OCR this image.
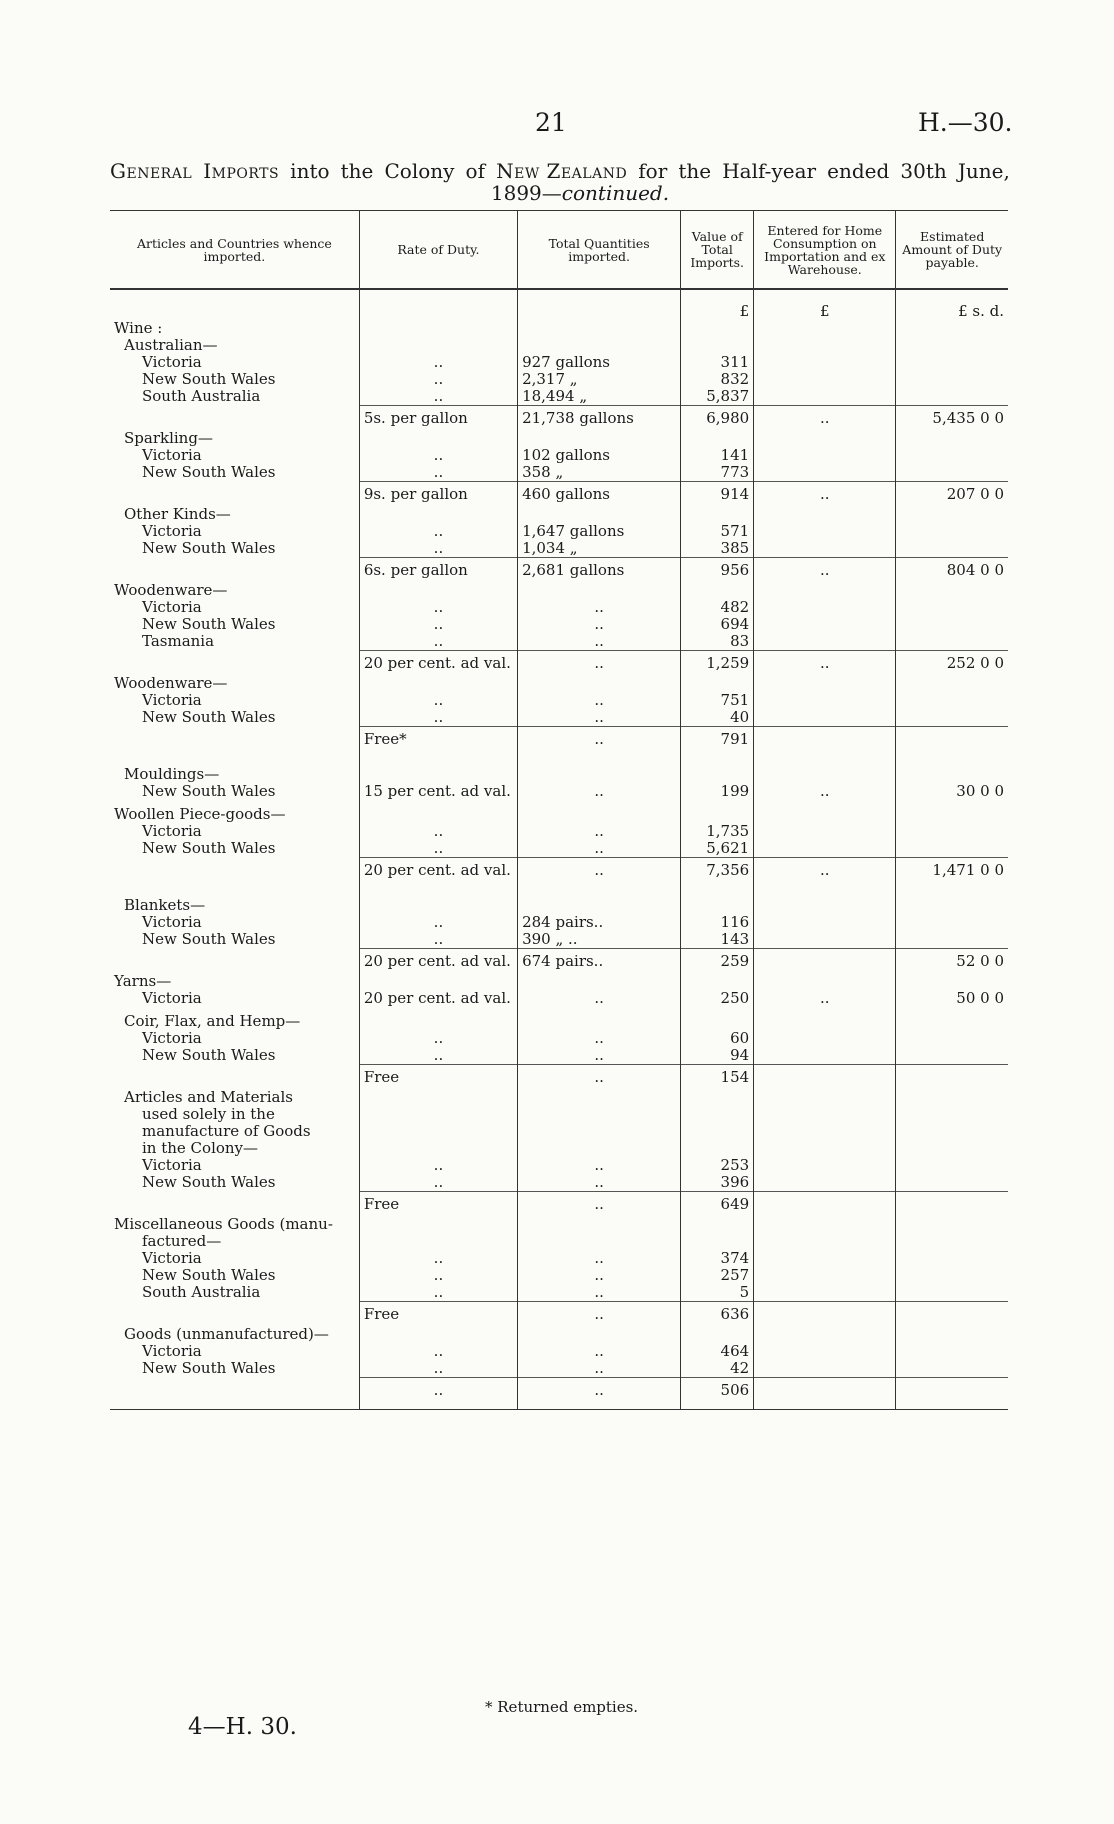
21	H.—30.
General Imports into the Colony of New Zealand for the Half-year ended 30th June,
1899—continued.
Articles and Countries whence imported.	Rate of Duty.	Total Quantities imported.	Value of Total Imports.	Entered for Home Consumption on Importation and ex Warehouse.	Estimated Amount of Duty payable.
			£	£	£ s. d.
Wine :					
Australian—					
Victoria	..	927 gallons	311		
New South Wales	..	2,317 „	832		
South Australia	..	18,494 „	5,837		
	5s. per gallon	21,738 gallons	6,980	..	5,435 0 0
Sparkling—					
Victoria	..	102 gallons	141		
New South Wales	..	358 „	773		
	9s. per gallon	460 gallons	914	..	207 0 0
Other Kinds—					
Victoria	..	1,647 gallons	571		
New South Wales	..	1,034 „	385		
	6s. per gallon	2,681 gallons	956	..	804 0 0
Woodenware—					
Victoria	..	..	482		
New South Wales	..	..	694		
Tasmania	..	..	83		
	20 per cent. ad val.	..	1,259	..	252 0 0
Woodenware—					
Victoria	..	..	751		
New South Wales	..	..	40		
	Free*	..	791		
Mouldings—					
New South Wales	15 per cent. ad val.	..	199	..	30 0 0
Woollen Piece-goods—					
Victoria	..	..	1,735		
New South Wales	..	..	5,621		
	20 per cent. ad val.	..	7,356	..	1,471 0 0
Blankets—					
Victoria	..	284 pairs..	116		
New South Wales	..	390 „ ..	143		
	20 per cent. ad val.	674 pairs..	259		52 0 0
Yarns—					
Victoria	20 per cent. ad val.	..	250	..	50 0 0
Coir, Flax, and Hemp—					
Victoria	..	..	60		
New South Wales	..	..	94		
	Free	..	154		
Articles and Materials					
used solely in the					
manufacture of Goods					
in the Colony—					
Victoria	..	..	253		
New South Wales	..	..	396		
	Free	..	649		
Miscellaneous Goods (manu-					
factured—					
Victoria	..	..	374		
New South Wales	..	..	257		
South Australia	..	..	5		
	Free	..	636		
Goods (unmanufactured)—					
Victoria	..	..	464		
New South Wales	..	..	42		
	..	..	506		
* Returned empties.
4—H. 30.
